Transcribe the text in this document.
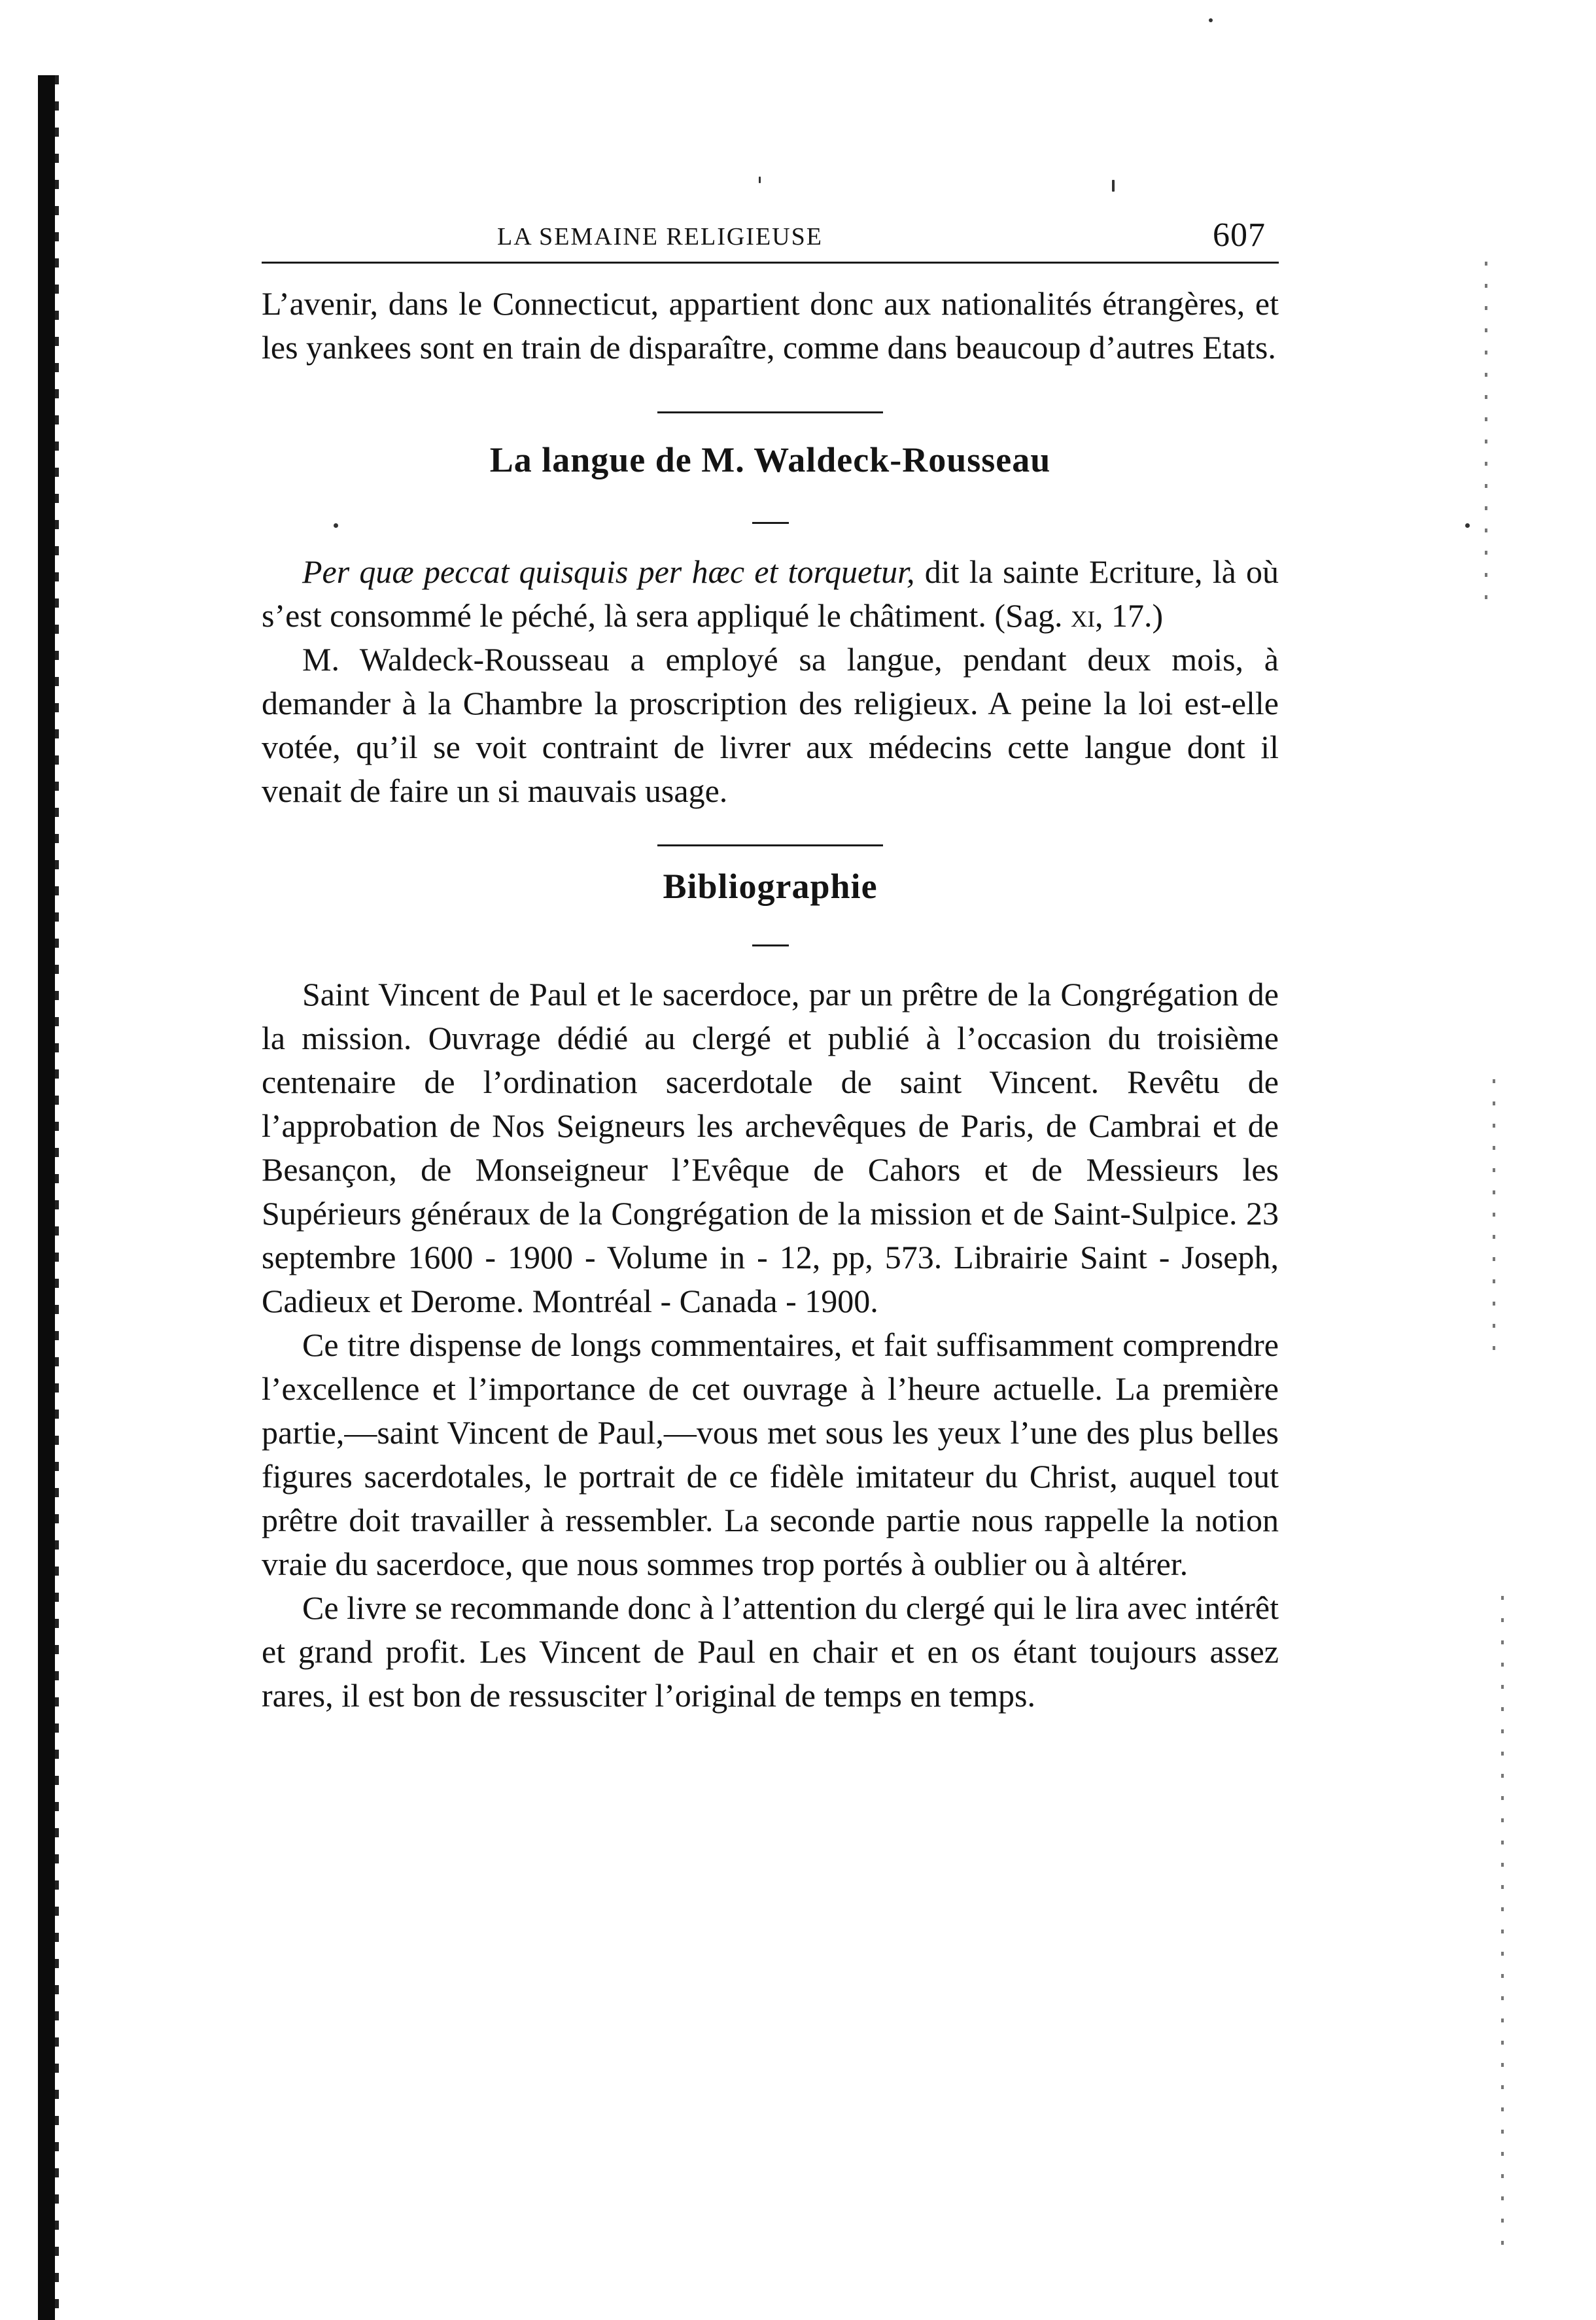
LA SEMAINE RELIGIEUSE	607

L’avenir, dans le Connecticut, appartient donc aux nationalités étrangères, et les yankees sont en train de disparaître, comme dans beaucoup d’autres Etats.

La langue de M. Waldeck-Rousseau

Per quæ peccat quisquis per hæc et torquetur, dit la sainte Ecriture, là où s’est consommé le péché, là sera appliqué le châtiment. (Sag. xi, 17.)

M. Waldeck-Rousseau a employé sa langue, pendant deux mois, à demander à la Chambre la proscription des religieux. A peine la loi est-elle votée, qu’il se voit contraint de livrer aux médecins cette langue dont il venait de faire un si mauvais usage.

Bibliographie

Saint Vincent de Paul et le sacerdoce, par un prêtre de la Congrégation de la mission. Ouvrage dédié au clergé et publié à l’occasion du troisième centenaire de l’ordination sacerdotale de saint Vincent. Revêtu de l’approbation de Nos Seigneurs les archevêques de Paris, de Cambrai et de Besançon, de Monseigneur l’Evêque de Cahors et de Messieurs les Supérieurs généraux de la Congrégation de la mission et de Saint-Sulpice. 23 septembre 1600 - 1900 - Volume in - 12, pp, 573. Librairie Saint - Joseph, Cadieux et Derome. Montréal - Canada - 1900.

Ce titre dispense de longs commentaires, et fait suffisamment comprendre l’excellence et l’importance de cet ouvrage à l’heure actuelle. La première partie,—saint Vincent de Paul,—vous met sous les yeux l’une des plus belles figures sacerdotales, le portrait de ce fidèle imitateur du Christ, auquel tout prêtre doit travailler à ressembler. La seconde partie nous rappelle la notion vraie du sacerdoce, que nous sommes trop portés à oublier ou à altérer.

Ce livre se recommande donc à l’attention du clergé qui le lira avec intérêt et grand profit. Les Vincent de Paul en chair et en os étant toujours assez rares, il est bon de ressusciter l’original de temps en temps.
